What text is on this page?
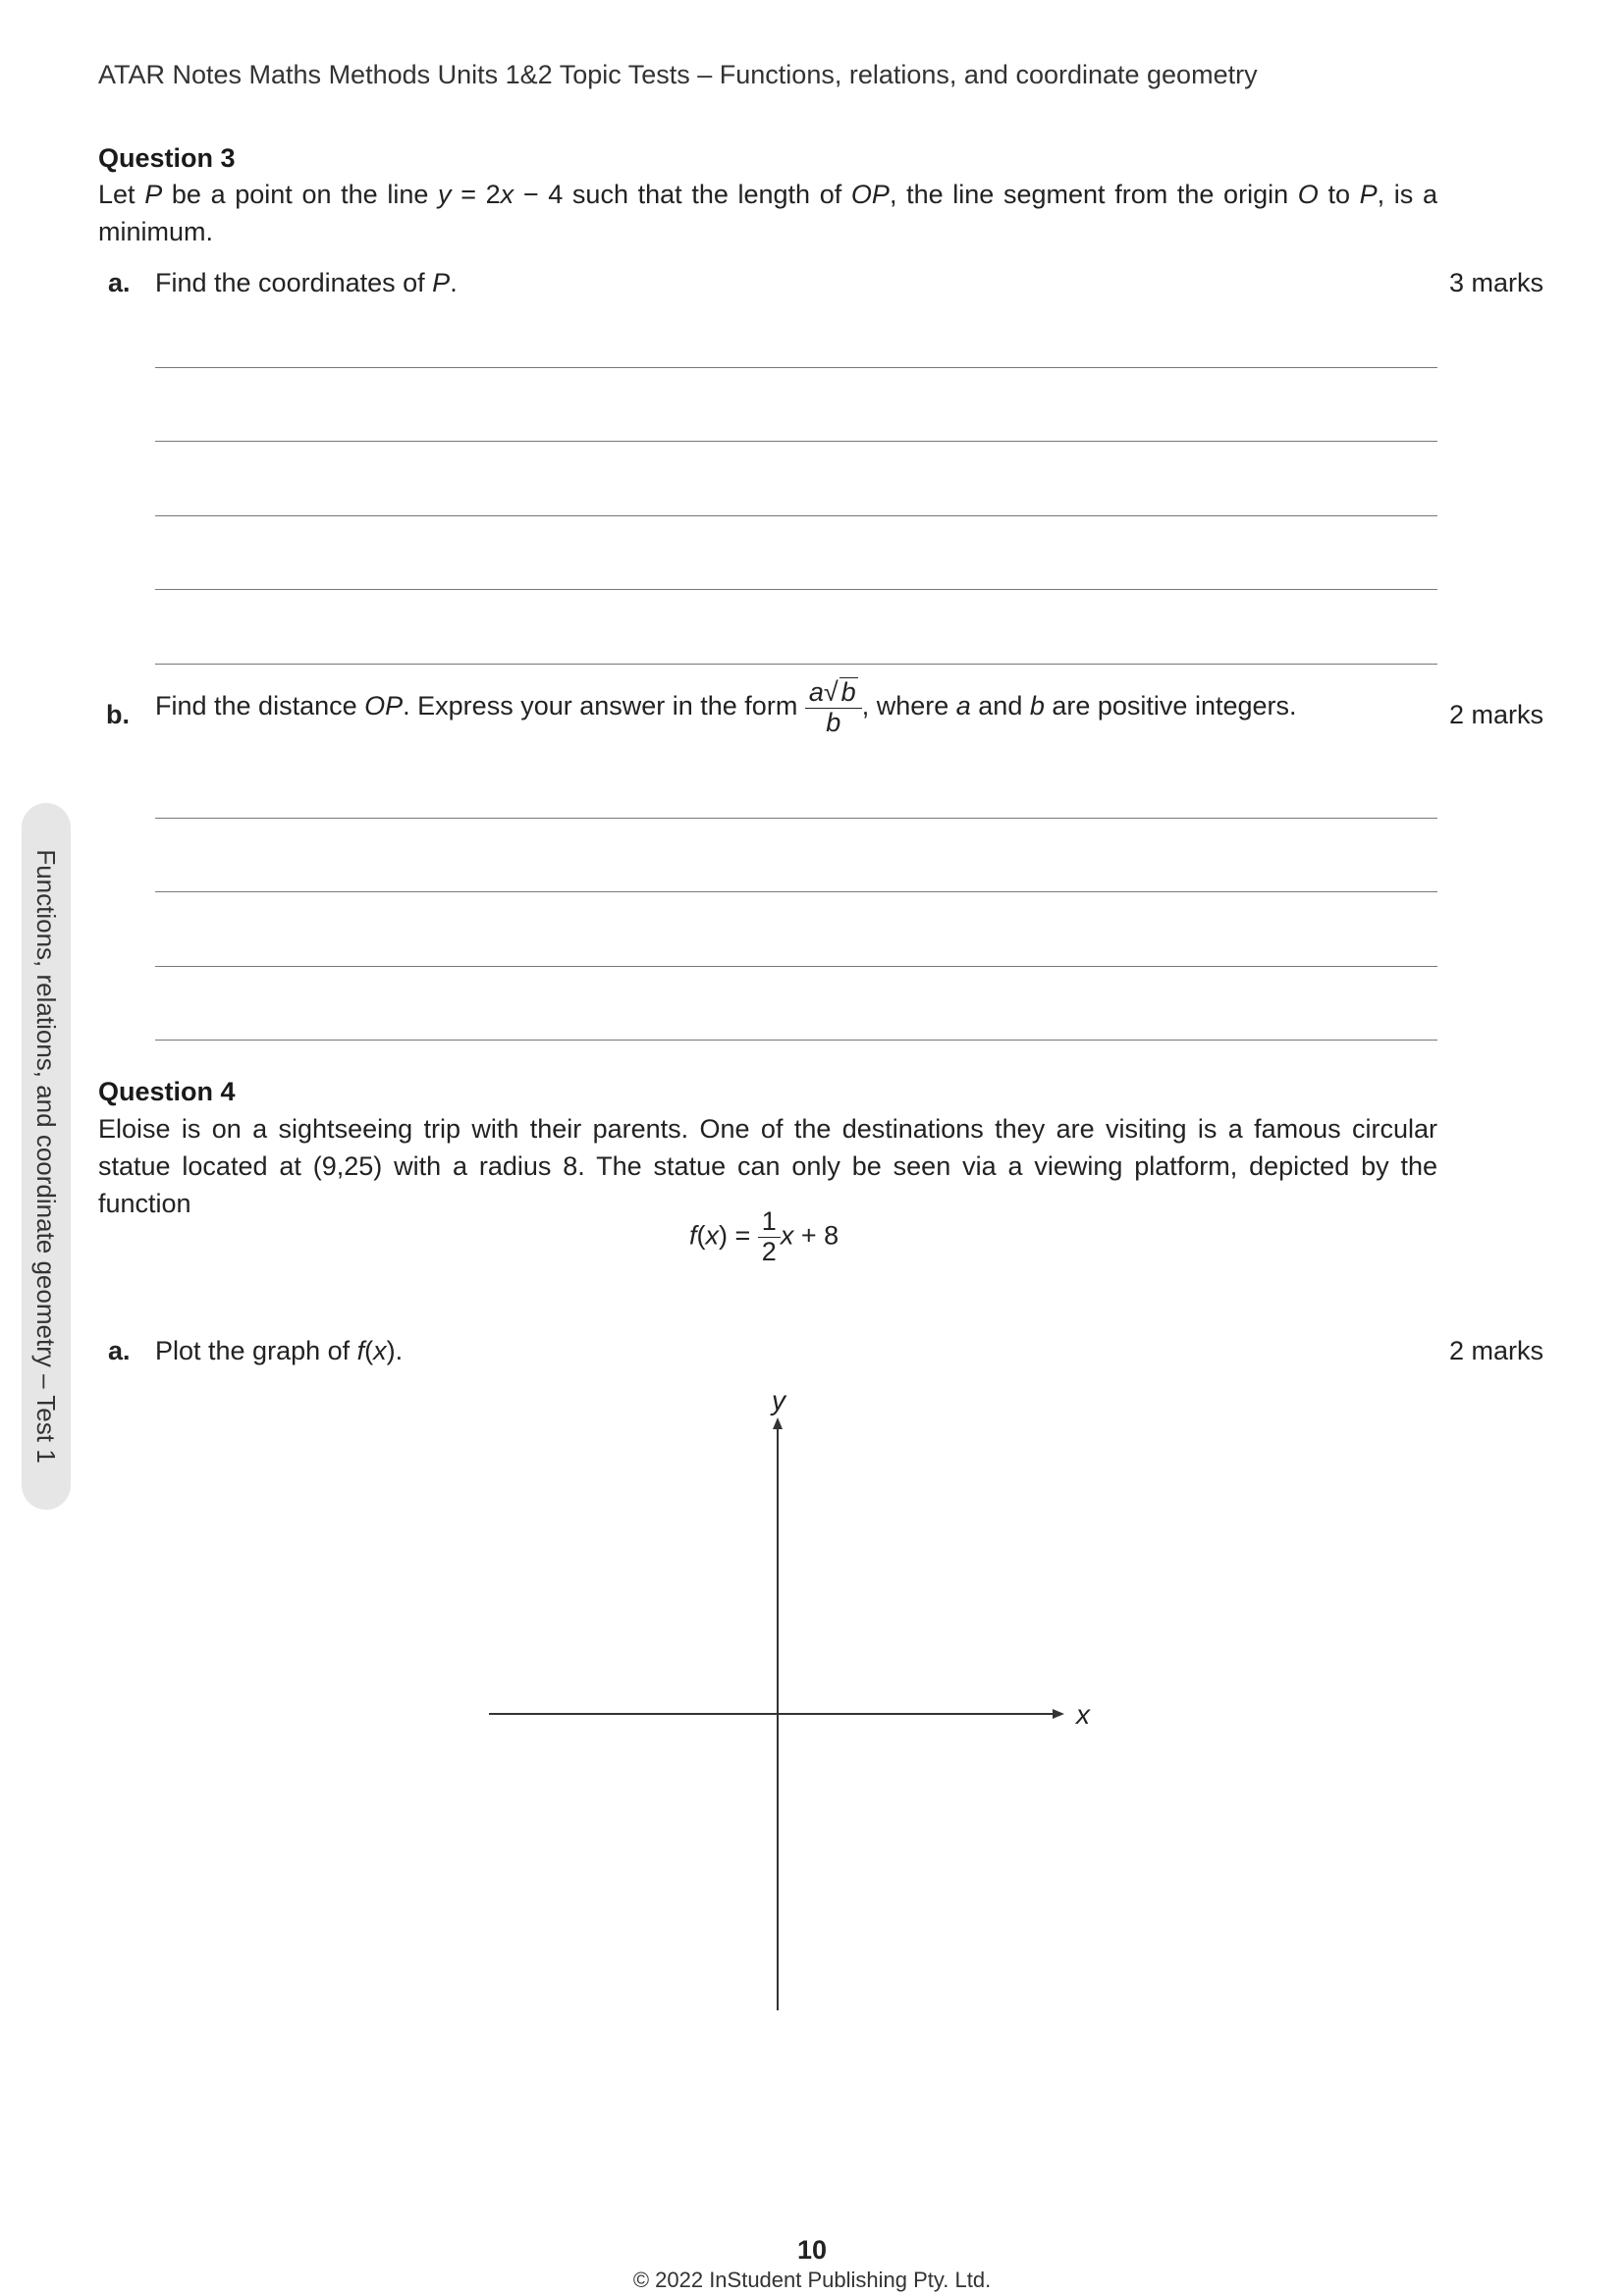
ATAR Notes Maths Methods Units 1&2 Topic Tests – Functions, relations, and coordinate geometry
Question 3
Let P be a point on the line y = 2x − 4 such that the length of OP, the line segment from the origin O to P, is a minimum.
a. Find the coordinates of P.	3 marks
b. Find the distance OP. Express your answer in the form $\frac{a√ b}{b}$ , where a and b are positive integers.	2 marks
Question 4
Eloise is on a sightseeing trip with their parents. One of the destinations they are visiting is a famous circular statue located at (9,25) with a radius 8. The statue can only be seen via a viewing platform, depicted by the function
$f(x) = \frac{1}{2}$ x + 8
a. Plot the graph of f(x).	2 marks
y
x
Functions, relations, and coordinate geometry – Test 1
10
© 2022 InStudent Publishing Pty. Ltd.
